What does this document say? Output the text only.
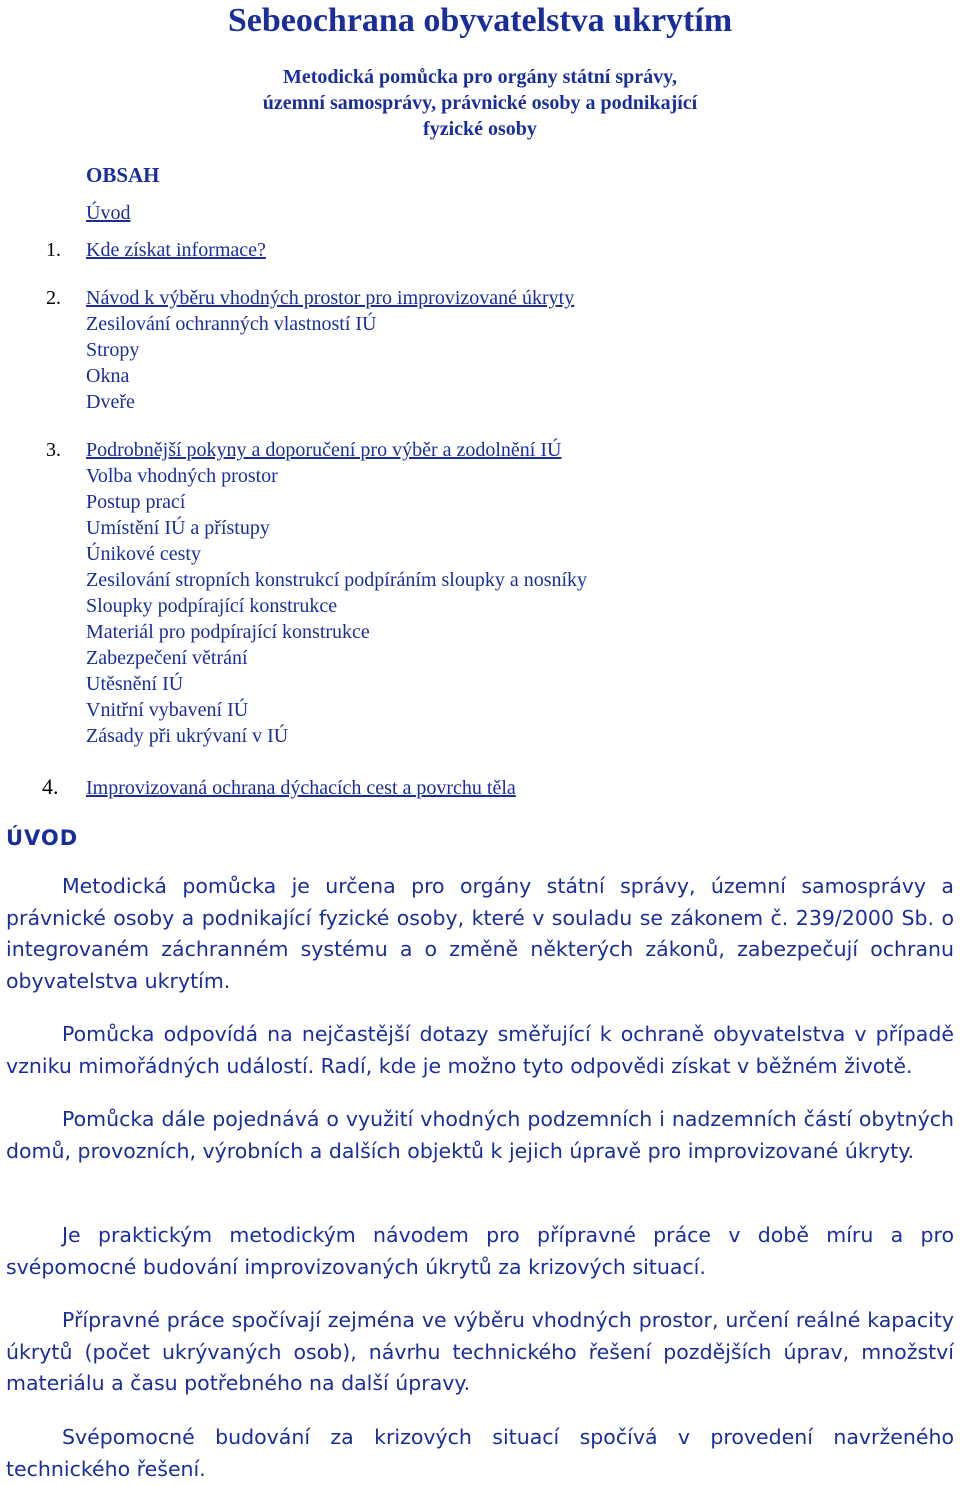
Sebeochrana obyvatelstva ukrytím
Metodická pomůcka pro orgány státní správy,
územní samosprávy, právnické osoby a podnikající
fyzické osoby
OBSAH
Úvod
1. Kde získat informace?
2. Návod k výběru vhodných prostor pro improvizované úkryty
Zesilování ochranných vlastností IÚ
Stropy
Okna
Dveře
3. Podrobnější pokyny a doporučení pro výběr a zodolnění IÚ
Volba vhodných prostor
Postup prací
Umístění IÚ a přístupy
Únikové cesty
Zesilování stropních konstrukcí podpíráním sloupky a nosníky
Sloupky podpírající konstrukce
Materiál pro podpírající konstrukce
Zabezpečení větrání
Utěsnění IÚ
Vnitřní vybavení IÚ
Zásady při ukrývaní v IÚ
4. Improvizovaná ochrana dýchacích cest a povrchu těla
ÚVOD

Metodická pomůcka je určena pro orgány státní správy, územní samosprávy a právnické osoby a podnikající fyzické osoby, které v souladu se zákonem č. 239/2000 Sb. o integrovaném záchranném systému a o změně některých zákonů, zabezpečují ochranu obyvatelstva ukrytím.

Pomůcka odpovídá na nejčastější dotazy směřující k ochraně obyvatelstva v případě vzniku mimořádných událostí. Radí, kde je možno tyto odpovědi získat v běžném životě.

Pomůcka dále pojednává o využití vhodných podzemních i nadzemních částí obytných domů, provozních, výrobních a dalších objektů k jejich úpravě pro improvizované úkryty.

Je praktickým metodickým návodem pro přípravné práce v době míru a pro svépomocné budování improvizovaných úkrytů za krizových situací.

Přípravné práce spočívají zejména ve výběru vhodných prostor, určení reálné kapacity úkrytů (počet ukrývaných osob), návrhu technického řešení pozdějších úprav, množství materiálu a času potřebného na další úpravy.

Svépomocné budování za krizových situací spočívá v provedení navrženého technického řešení.
